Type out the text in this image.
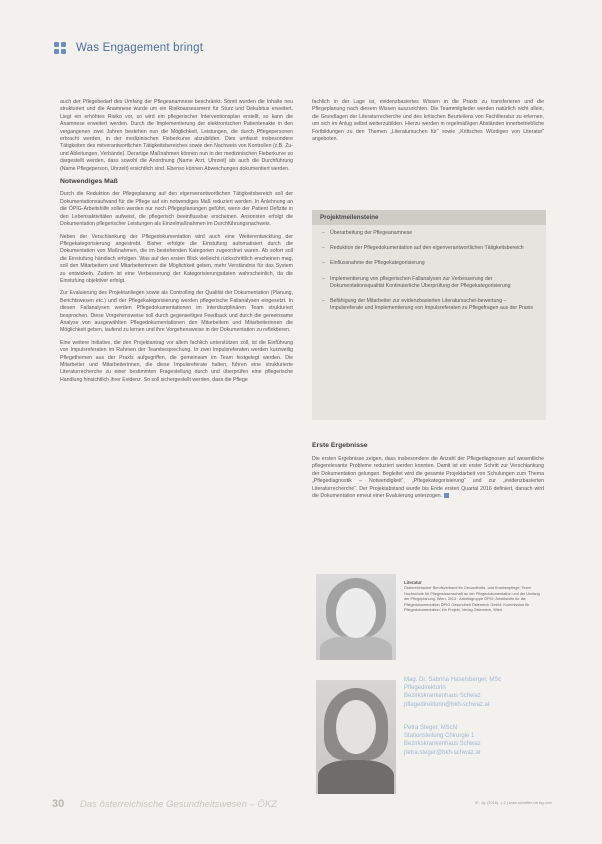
Was Engagement bringt

auch der Pflegebedarf des Umfang der Pflegeanamnese beschränkt. Somit wurden die Inhalte neu strukturiert und die Anamnese wurde um ein Risikoassessment für Sturz und Dekubitus erweitert. Liegt ein erhöhtes Risiko vor, so wird ein pflegerischer Interventionsplan erstellt, so kann die Anamnese erweitert werden. Durch die Implementierung der elektronischen Patientenakte in den vergangenen zwei Jahren bestehen nun die Möglichkeit, Leistungen, die durch Pflegepersonen erbracht werden, in der medizinischen Fieberkurve abzubilden. Dies umfasst insbesondere Tätigkeiten des mitverantwortlichen Tätigkeitsbereiches sowie den Nachweis von Kontrollen (z.B. Zu- und Ableitungen, Verbände). Derartige Maßnahmen können nun in der medizinischen Fieberkurve so dargestellt werden, dass sowohl die Anordnung (Name Arzt, Uhrzeit) als auch die Durchführung (Name Pflegeperson, Uhrzeit) ersichtlich sind. Ebenso können Abweichungen dokumentiert werden.

Notwendiges Maß

Durch die Reduktion der Pflegeplanung auf den eigenverantwortlichen Tätigkeitsbereich soll der Dokumentationsaufwand für die Pflege auf ein notwendiges Maß reduziert werden. In Anlehnung an die ÖPIG-Arbeitshilfe sollen werden nur noch Pflegeplanungen geführt, wenn der Patient Defizite in den Lebensaktivitäten aufweist, die pflegerisch beeinflussbar erscheinen. Ansonsten erfolgt die Dokumentation pflegerischer Leistungen als Einzelmaßnahmen im Durchführungsnachweis.

Neben der Verschlankung der Pflegedokumentation wird auch eine Weiterentwicklung der Pflegekategorisierung angestrebt. Bisher erfolgte die Einstufung automatisiert durch die Dokumentation von Maßnahmen, die im bestehenden Kategorien zugeordnet waren. Ab sofort soll die Einstufung händisch erfolgen. Was auf den ersten Blick vielleicht rückschrittlich erscheinen mag, soll den Mitarbeitern und Mitarbeiterinnen die Möglichkeit geben, mehr Verständnis für das System zu entwickeln. Zudem ist eine Verbesserung der Kategorisierungsdaten wahrscheinlich, da die Einstufung objektiver erfolgt.

Zur Evaluierung des Projektanliegen sowie als Controlling der Qualität der Dokumentation (Planung, Berichtswesen etc.) und der Pflegekategorisierung werden pflegerische Fallanalysen eingesetzt. In diesen Fallanalysen werden Pflegedokumentationen im interdisziplinären Team strukturiert besprochen. Diese Vorgehensweise soll durch gegenseitiges Feedback und durch die gemeinsame Analyse von ausgewählten Pflegedokumentationen den Mitarbeitern und Mitarbeiterinnen die Möglichkeit geben, laufend zu lernen und ihre Vorgehensweise in der Dokumentation zu reflektieren.

Eine weitere Initiative, die den Projektantrag vor allem fachlich unterstützen soll, ist die Einführung von Impulsreferaten im Rahmen der Teambesprechung. In zwei Impulsreferaten werden kurzweilig Pflegethemen aus der Praxis aufgegriffen, die gemeinsam im Team festgelegt werden. Die Mitarbeiter und Mitarbeiterinnen, die diese Impulsreferate halten, führen eine strukturierte Literaturrecherche zu einer bestimmten Fragestellung durch und überprüfen eine pflegerische Handlung hinsichtlich ihrer Evidenz. So soll sichergestellt werden, dass die Pflege

fachlich in der Lage ist, evidenzbasiertes Wissen in die Praxis zu transferieren und die Pflegeplanung nach diesem Wissen auszurichten. Die Teammitglieder werden natürlich nicht allein, die Grundlagen der Literaturrecherche und des kritischen Beurteilens von Fachliteratur zu erlernen, um sich im Anlug selbst weiterzubilden. Hierzu werden in regelmäßigen Abständen innerbetriebliche Fortbildungen zu den Themen „Literatursuchen für“ sowie „Kritisches Würdigen von Literatur“ angeboten.

Projektmeilensteine
– Überarbeitung der Pflegeanamnese
– Reduktion der Pflegedokumentation auf den eigenverantwortlichen Tätigkeitsbereich
– Einflussnahme der Pflegekategorisierung
– Implementierung von pflegerischen Fallanalysen zur Verbesserung der Dokumentationsqualität Kontinuierliche Überprüfung der Pflegekategorisierung
– Befähigung der Mitarbeiter zur evidenzbasierten Literatursuche/-bewertung – Impulsreferate und Implementierung von Impulsreferaten zu Pflegefragen aus der Praxis
Erste Ergebnisse
Die ersten Ergebnisse zeigen, dass insbesondere die Anzahl der Pflegediagnosen auf wesentliche pflegerelevante Probleme reduziert werden konnten. Damit ist ein erster Schritt zur Verschlankung der Dokumentation gelungen. Begleitet wird die gesamte Projektarbeit von Schulungen zum Thema „Pflegediagnostik – Notwendigkeit“, „Pflegekategorisierung“ und zur „evidenzbasierten Literaturrecherche“. Der Projektabstand wurde bis Ende ersten Quartal 2016 definiert, danach wird die Dokumentation erneut einer Evaluierung unterzogen.
Literatur
Österreichischer Berufsverband für Gesundheits- und Krankenpflege; Team Hochschule für Pflegewissenschaft an der Pflegedokumentation und der Umfang der Pflegeplanung. Wien, 2013 · Arbeitsgruppe ÖPIG; Arbeitshilfe für die Pflegedokumentation ÖPIG Gesundheit Österreich GmbH; Kommission für Pflegedokumentation, ein Projekt, Verlag Österreich, Wien
Mag. Dr. Sabrina Haselsberger, MSc
Pflegedirektorin
Bezirkskrankenhaus Schwaz
pflegedirektorin@bkh-schwaz.at
Petra Steger, MScN
Stationsleitung Chirurgie 1
Bezirkskrankenhaus Schwaz
petra.steger@bkh-schwaz.at
30 Das österreichische Gesundheitswesen – ÖKZ	57. Jg. (2016), 1-2 | www.schaffler-verlag.com
